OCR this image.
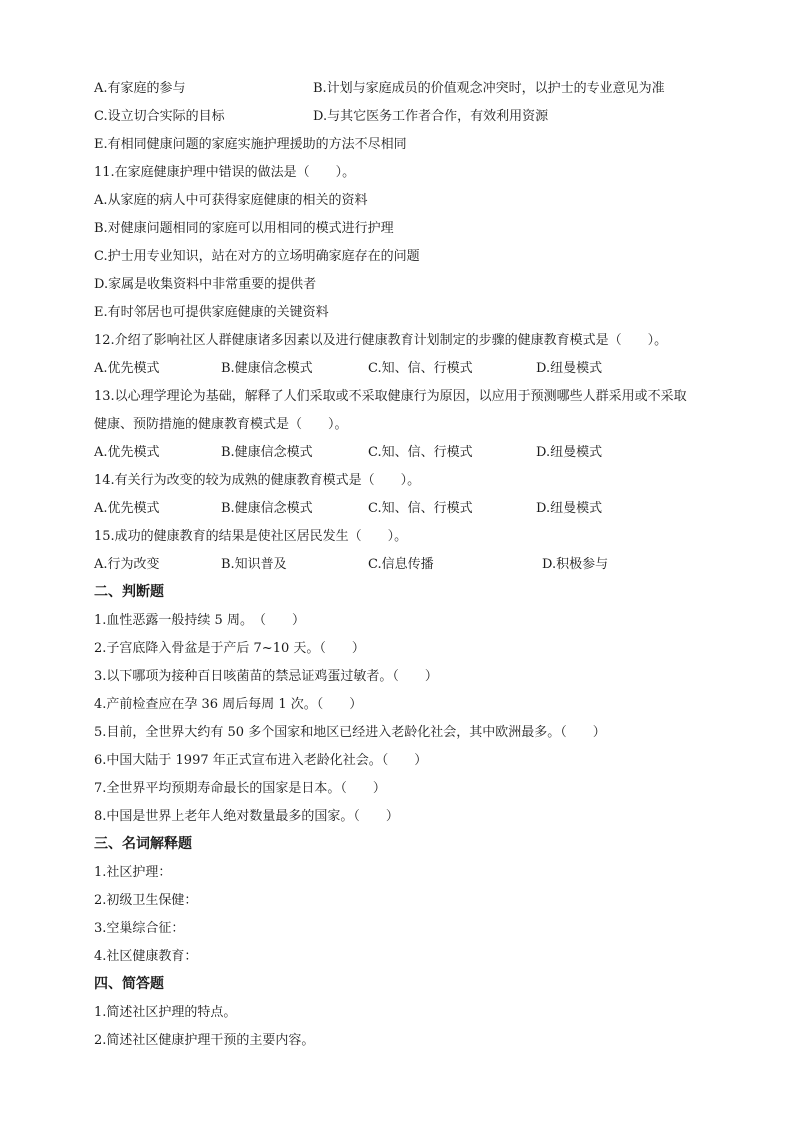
A.有家庭的参与	B.计划与家庭成员的价值观念冲突时，以护士的专业意见为准
C.设立切合实际的目标	D.与其它医务工作者合作，有效利用资源
E.有相同健康问题的家庭实施护理援助的方法不尽相同
11.在家庭健康护理中错误的做法是（　　）。
A.从家庭的病人中可获得家庭健康的相关的资料
B.对健康问题相同的家庭可以用相同的模式进行护理
C.护士用专业知识，站在对方的立场明确家庭存在的问题
D.家属是收集资料中非常重要的提供者
E.有时邻居也可提供家庭健康的关键资料
12.介绍了影响社区人群健康诸多因素以及进行健康教育计划制定的步骤的健康教育模式是（　　）。
A.优先模式	B.健康信念模式	C.知、信、行模式	D.纽曼模式
13.以心理学理论为基础，解释了人们采取或不采取健康行为原因，以应用于预测哪些人群采用或不采取
健康、预防措施的健康教育模式是（　　）。
A.优先模式	B.健康信念模式	C.知、信、行模式	D.纽曼模式
14.有关行为改变的较为成熟的健康教育模式是（　　）。
A.优先模式	B.健康信念模式	C.知、信、行模式	D.纽曼模式
15.成功的健康教育的结果是使社区居民发生（　　）。
A.行为改变	B.知识普及	C.信息传播	D.积极参与
二、判断题
1.血性恶露一般持续 5 周。　（　　）
2.子宫底降入骨盆是于产后 7~10 天。（　　）
3.以下哪项为接种百日咳菌苗的禁忌证鸡蛋过敏者。（　　）
4.产前检查应在孕 36 周后每周 1 次。（　　）
5.目前，全世界大约有 50 多个国家和地区已经进入老龄化社会，其中欧洲最多。（　　）
6.中国大陆于 1997 年正式宣布进入老龄化社会。（　　）
7.全世界平均预期寿命最长的国家是日本。（　　）
8.中国是世界上老年人绝对数量最多的国家。（　　）
三、名词解释题
1.社区护理：
2.初级卫生保健：
3.空巢综合征：
4.社区健康教育：
四、简答题
1.简述社区护理的特点。
2.简述社区健康护理干预的主要内容。
